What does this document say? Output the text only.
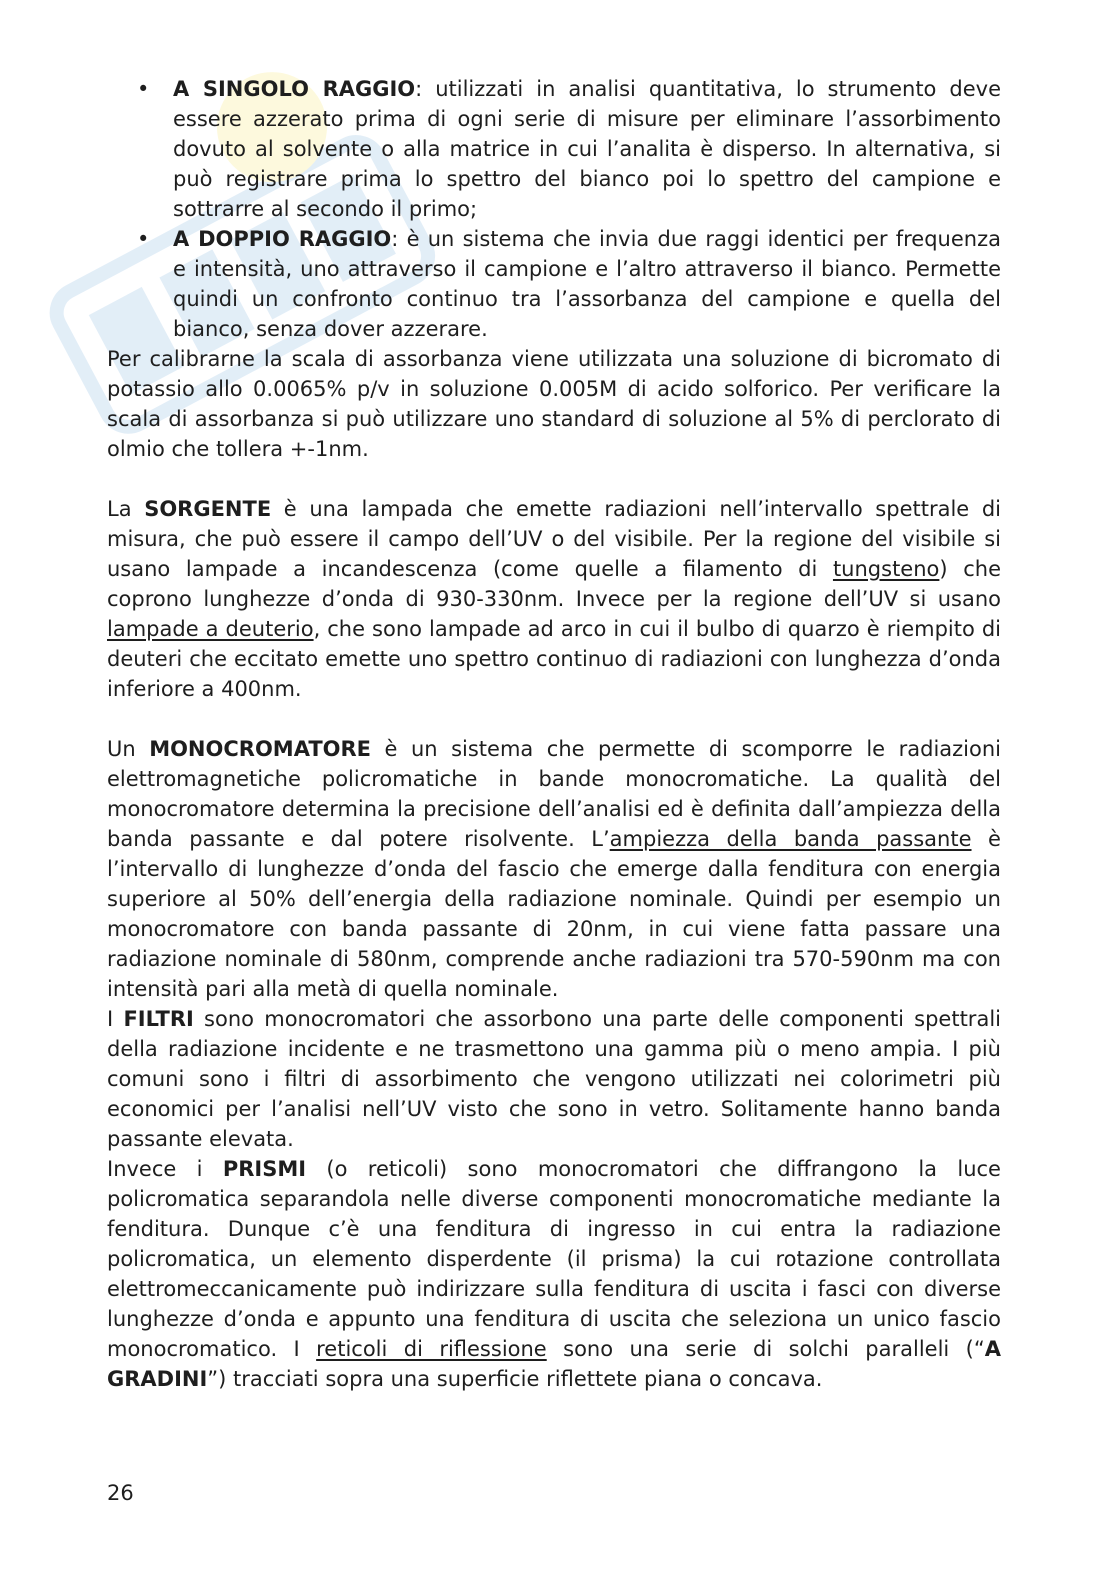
• A SINGOLO RAGGIO: utilizzati in analisi quantitativa, lo strumento deve essere azzerato prima di ogni serie di misure per eliminare l’assorbimento dovuto al solvente o alla matrice in cui l’analita è disperso. In alternativa, si può registrare prima lo spettro del bianco poi lo spettro del campione e sottrarre al secondo il primo;
• A DOPPIO RAGGIO: è un sistema che invia due raggi identici per frequenza e intensità, uno attraverso il campione e l’altro attraverso il bianco. Permette quindi un confronto continuo tra l’assorbanza del campione e quella del bianco, senza dover azzerare.

Per calibrarne la scala di assorbanza viene utilizzata una soluzione di bicromato di potassio allo 0.0065% p/v in soluzione 0.005M di acido solforico. Per verificare la scala di assorbanza si può utilizzare uno standard di soluzione al 5% di perclorato di olmio che tollera +-1nm.

La SORGENTE è una lampada che emette radiazioni nell’intervallo spettrale di misura, che può essere il campo dell’UV o del visibile. Per la regione del visibile si usano lampade a incandescenza (come quelle a filamento di tungsteno) che coprono lunghezze d’onda di 930-330nm. Invece per la regione dell’UV si usano lampade a deuterio, che sono lampade ad arco in cui il bulbo di quarzo è riempito di deuteri che eccitato emette uno spettro continuo di radiazioni con lunghezza d’onda inferiore a 400nm.

Un MONOCROMATORE è un sistema che permette di scomporre le radiazioni elettromagnetiche policromatiche in bande monocromatiche. La qualità del monocromatore determina la precisione dell’analisi ed è definita dall’ampiezza della banda passante e dal potere risolvente. L’ampiezza della banda passante è l’intervallo di lunghezze d’onda del fascio che emerge dalla fenditura con energia superiore al 50% dell’energia della radiazione nominale. Quindi per esempio un monocromatore con banda passante di 20nm, in cui viene fatta passare una radiazione nominale di 580nm, comprende anche radiazioni tra 570-590nm ma con intensità pari alla metà di quella nominale.

I FILTRI sono monocromatori che assorbono una parte delle componenti spettrali della radiazione incidente e ne trasmettono una gamma più o meno ampia. I più comuni sono i filtri di assorbimento che vengono utilizzati nei colorimetri più economici per l’analisi nell’UV visto che sono in vetro. Solitamente hanno banda passante elevata.

Invece i PRISMI (o reticoli) sono monocromatori che diffrangono la luce policromatica separandola nelle diverse componenti monocromatiche mediante la fenditura. Dunque c’è una fenditura di ingresso in cui entra la radiazione policromatica, un elemento disperdente (il prisma) la cui rotazione controllata elettromeccanicamente può indirizzare sulla fenditura di uscita i fasci con diverse lunghezze d’onda e appunto una fenditura di uscita che seleziona un unico fascio monocromatico. I reticoli di riflessione sono una serie di solchi paralleli (“A GRADINI”) tracciati sopra una superficie riflettete piana o concava.

26
